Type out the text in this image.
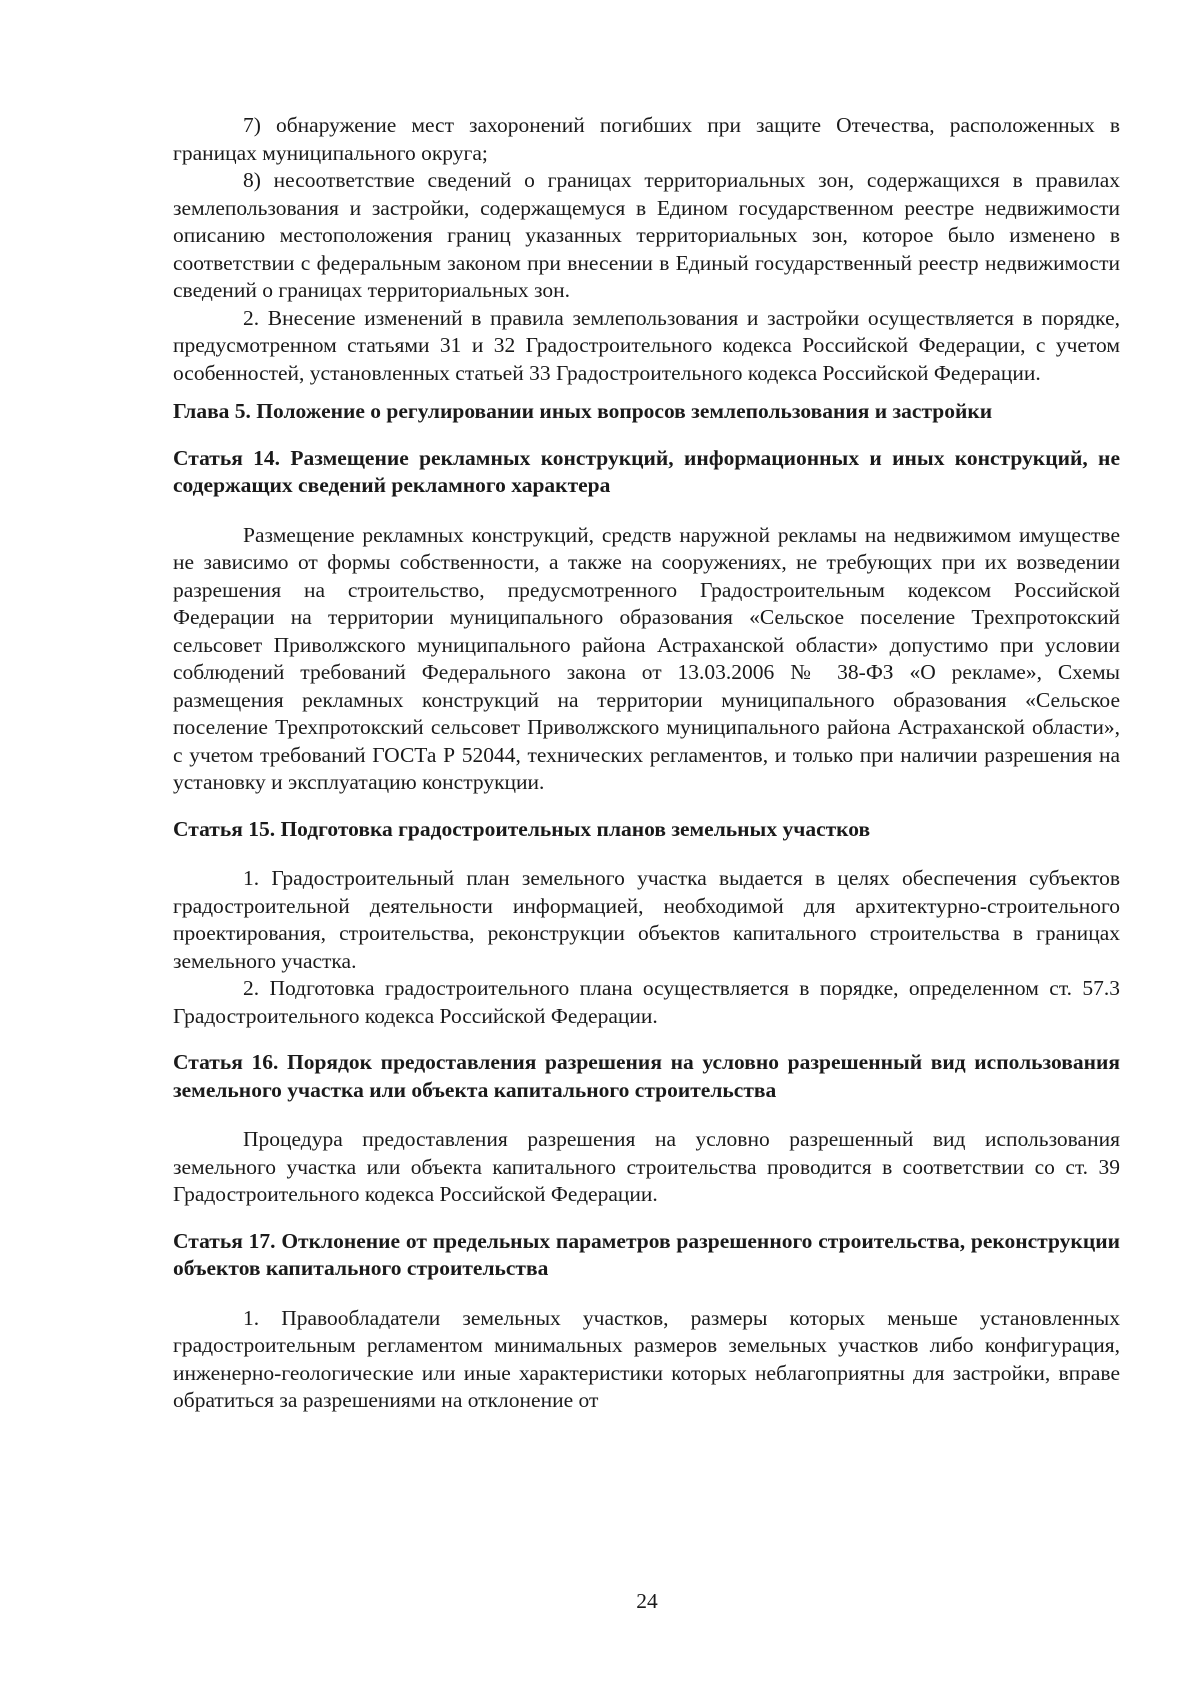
7) обнаружение мест захоронений погибших при защите Отечества, расположенных в границах муниципального округа;

8) несоответствие сведений о границах территориальных зон, содержащихся в правилах землепользования и застройки, содержащемуся в Едином государственном реестре недвижимости описанию местоположения границ указанных территориальных зон, которое было изменено в соответствии с федеральным законом при внесении в Единый государственный реестр недвижимости сведений о границах территориальных зон.

2. Внесение изменений в правила землепользования и застройки осуществляется в порядке, предусмотренном статьями 31 и 32 Градостроительного кодекса Российской Федерации, с учетом особенностей, установленных статьей 33 Градостроительного кодекса Российской Федерации.

Глава 5. Положение о регулировании иных вопросов землепользования и застройки
Статья 14. Размещение рекламных конструкций, информационных и иных конструкций, не содержащих сведений рекламного характера

Размещение рекламных конструкций, средств наружной рекламы на недвижимом имуществе не зависимо от формы собственности, а также на сооружениях, не требующих при их возведении разрешения на строительство, предусмотренного Градостроительным кодексом Российской Федерации на территории муниципального образования «Сельское поселение Трехпротокский сельсовет Приволжского муниципального района Астраханской области» допустимо при условии соблюдений требований Федерального закона от 13.03.2006 № 38-ФЗ «О рекламе», Схемы размещения рекламных конструкций на территории муниципального образования «Сельское поселение Трехпротокский сельсовет Приволжского муниципального района Астраханской области», с учетом требований ГОСТа Р 52044, технических регламентов, и только при наличии разрешения на установку и эксплуатацию конструкции.

Статья 15. Подготовка градостроительных планов земельных участков

1. Градостроительный план земельного участка выдается в целях обеспечения субъектов градостроительной деятельности информацией, необходимой для архитектурно-строительного проектирования, строительства, реконструкции объектов капитального строительства в границах земельного участка.

2. Подготовка градостроительного плана осуществляется в порядке, определенном ст. 57.3 Градостроительного кодекса Российской Федерации.

Статья 16. Порядок предоставления разрешения на условно разрешенный вид использования земельного участка или объекта капитального строительства

Процедура предоставления разрешения на условно разрешенный вид использования земельного участка или объекта капитального строительства проводится в соответствии со ст. 39 Градостроительного кодекса Российской Федерации.

Статья 17. Отклонение от предельных параметров разрешенного строительства, реконструкции объектов капитального строительства

1. Правообладатели земельных участков, размеры которых меньше установленных градостроительным регламентом минимальных размеров земельных участков либо конфигурация, инженерно-геологические или иные характеристики которых неблагоприятны для застройки, вправе обратиться за разрешениями на отклонение от

24
